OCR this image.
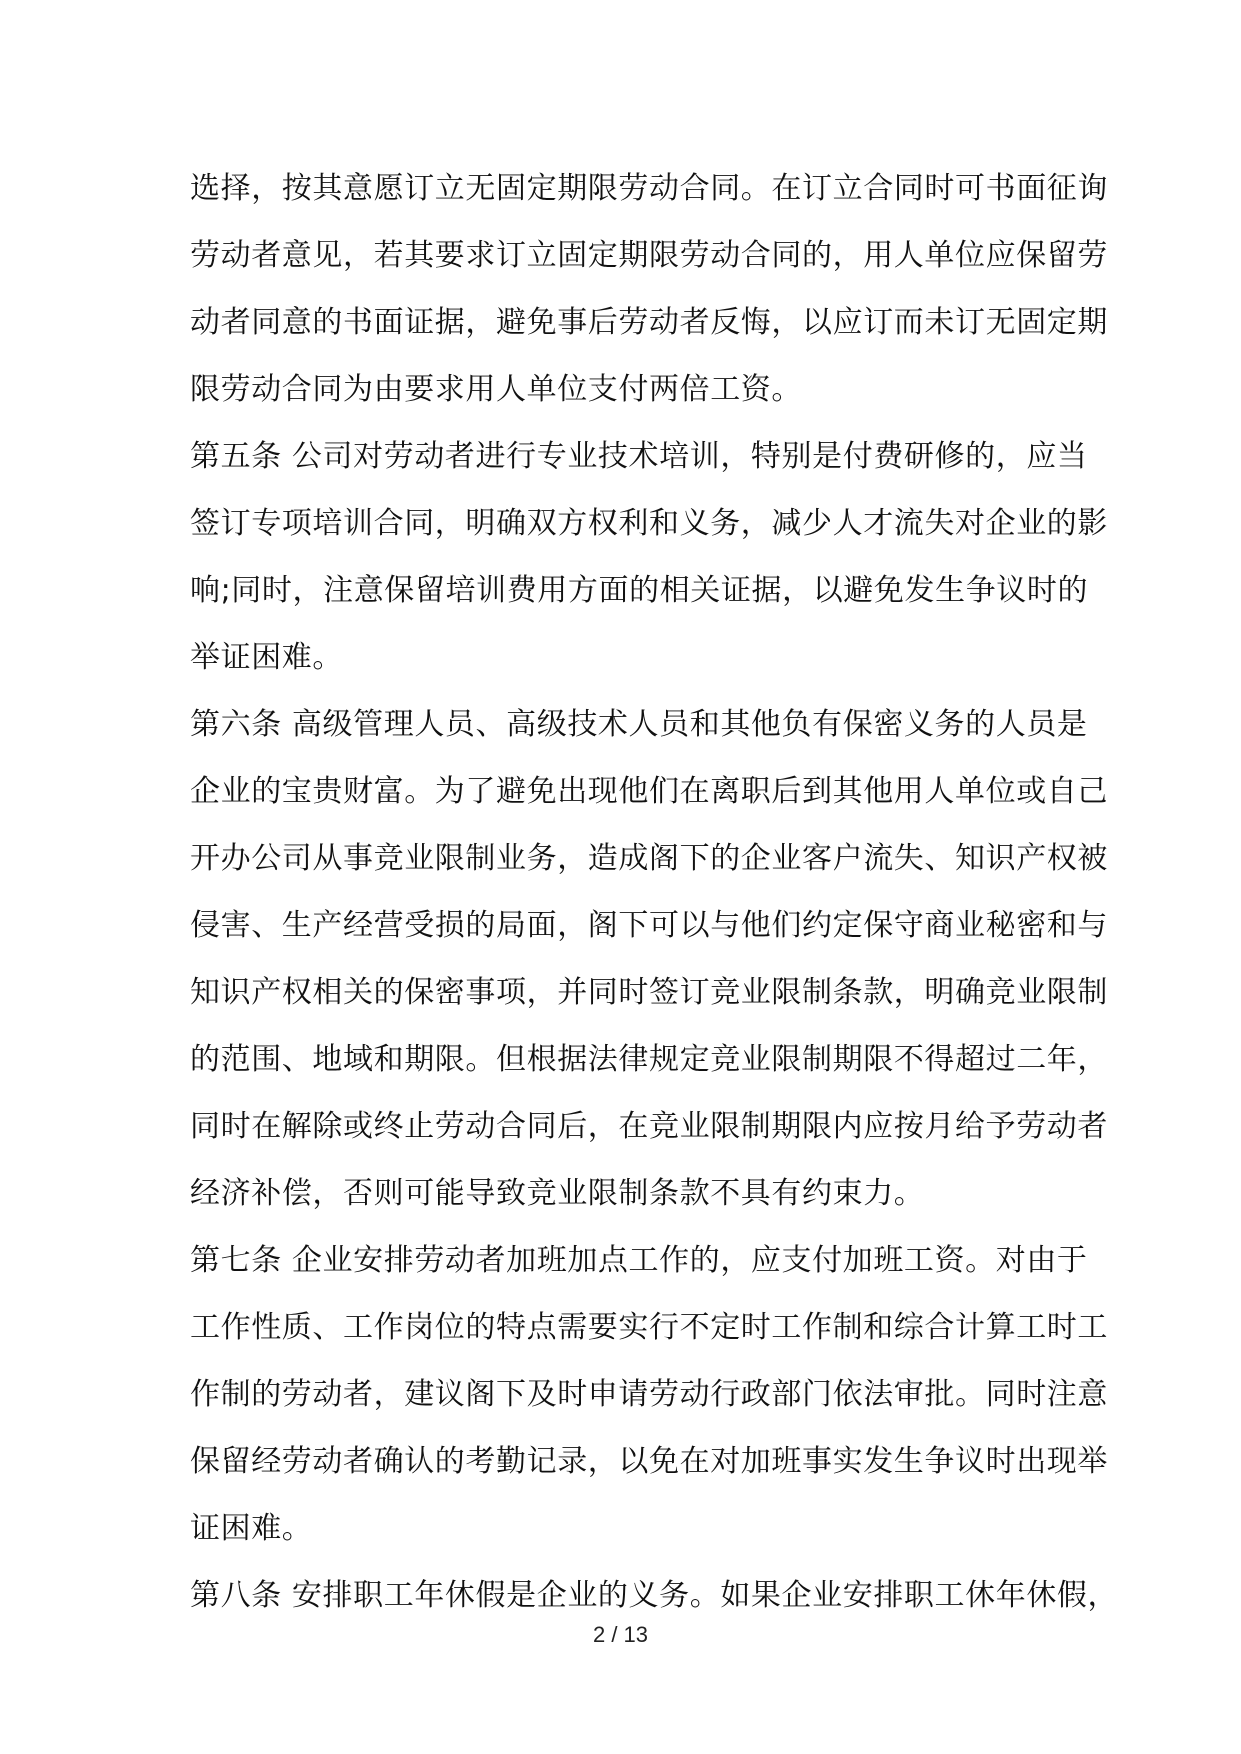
选择，按其意愿订立无固定期限劳动合同。在订立合同时可书面征询
劳动者意见，若其要求订立固定期限劳动合同的，用人单位应保留劳
动者同意的书面证据，避免事后劳动者反悔，以应订而未订无固定期
限劳动合同为由要求用人单位支付两倍工资。
第五条 公司对劳动者进行专业技术培训，特别是付费研修的，应当
签订专项培训合同，明确双方权利和义务，减少人才流失对企业的影
响;同时，注意保留培训费用方面的相关证据，以避免发生争议时的
举证困难。
第六条 高级管理人员、高级技术人员和其他负有保密义务的人员是
企业的宝贵财富。为了避免出现他们在离职后到其他用人单位或自己
开办公司从事竞业限制业务，造成阁下的企业客户流失、知识产权被
侵害、生产经营受损的局面，阁下可以与他们约定保守商业秘密和与
知识产权相关的保密事项，并同时签订竞业限制条款，明确竞业限制
的范围、地域和期限。但根据法律规定竞业限制期限不得超过二年，
同时在解除或终止劳动合同后，在竞业限制期限内应按月给予劳动者
经济补偿，否则可能导致竞业限制条款不具有约束力。
第七条 企业安排劳动者加班加点工作的，应支付加班工资。对由于
工作性质、工作岗位的特点需要实行不定时工作制和综合计算工时工
作制的劳动者，建议阁下及时申请劳动行政部门依法审批。同时注意
保留经劳动者确认的考勤记录，以免在对加班事实发生争议时出现举
证困难。
第八条 安排职工年休假是企业的义务。如果企业安排职工休年休假，
2 / 13
